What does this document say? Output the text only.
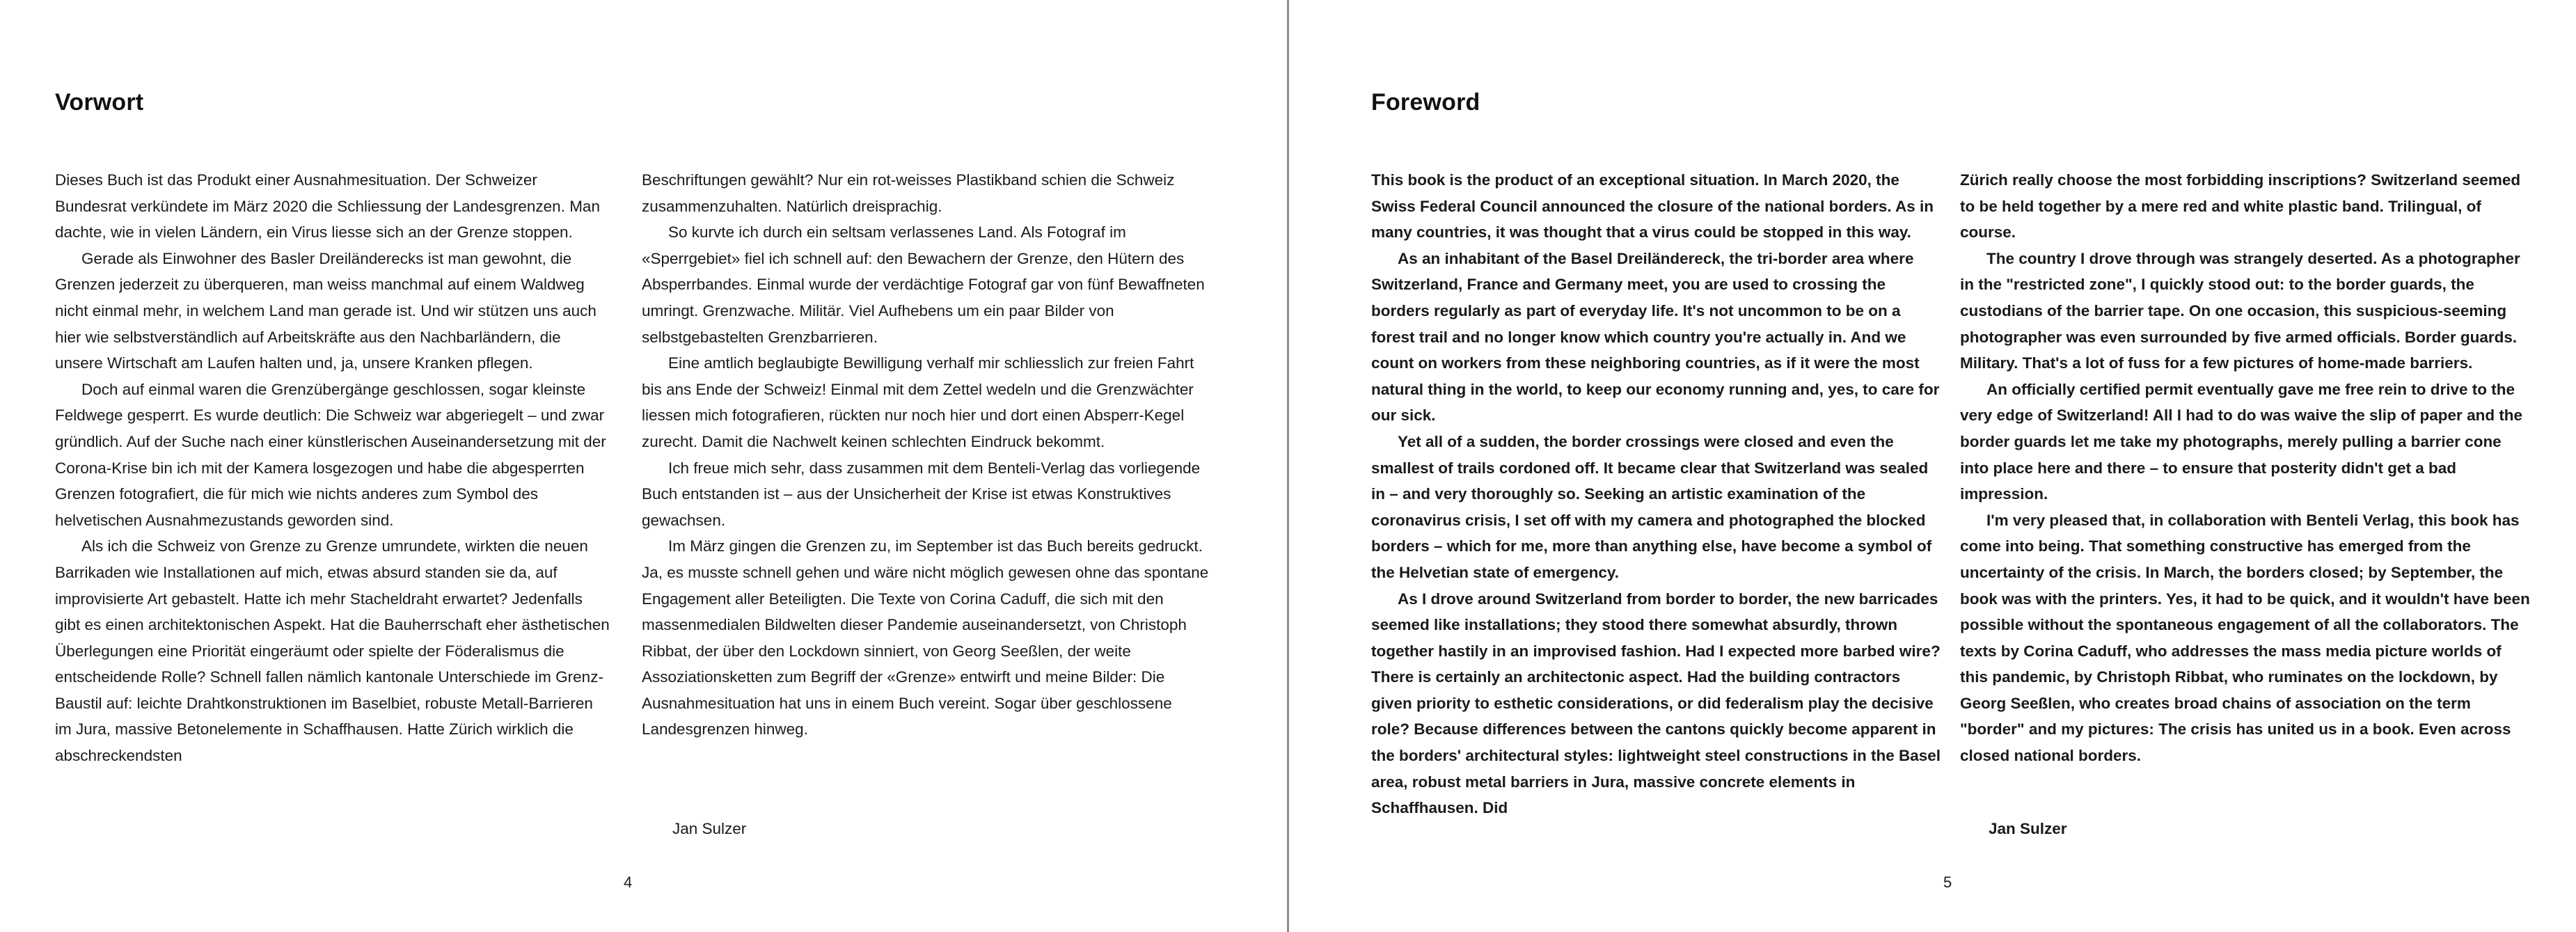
Vorwort

Dieses Buch ist das Produkt einer Ausnahmesituation. Der Schweizer Bundesrat verkündete im März 2020 die Schliessung der Landesgrenzen. Man dachte, wie in vielen Ländern, ein Virus liesse sich an der Grenze stoppen.

Gerade als Einwohner des Basler Dreiländerecks ist man gewohnt, die Grenzen jederzeit zu überqueren, man weiss manchmal auf einem Waldweg nicht einmal mehr, in welchem Land man gerade ist. Und wir stützen uns auch hier wie selbstverständlich auf Arbeitskräfte aus den Nachbarländern, die unsere Wirtschaft am Laufen halten und, ja, unsere Kranken pflegen.

Doch auf einmal waren die Grenzübergänge geschlossen, sogar kleinste Feldwege gesperrt. Es wurde deutlich: Die Schweiz war abgeriegelt – und zwar gründlich. Auf der Suche nach einer künstlerischen Auseinandersetzung mit der Corona-Krise bin ich mit der Kamera losgezogen und habe die abgesperrten Grenzen fotografiert, die für mich wie nichts anderes zum Symbol des helvetischen Ausnahmezustands geworden sind.

Als ich die Schweiz von Grenze zu Grenze umrundete, wirkten die neuen Barrikaden wie Installationen auf mich, etwas absurd standen sie da, auf improvisierte Art gebastelt. Hatte ich mehr Stacheldraht erwartet? Jedenfalls gibt es einen architektonischen Aspekt. Hat die Bauherrschaft eher ästhetischen Überlegungen eine Priorität eingeräumt oder spielte der Föderalismus die entscheidende Rolle? Schnell fallen nämlich kantonale Unterschiede im Grenz-Baustil auf: leichte Drahtkonstruktionen im Baselbiet, robuste Metall-Barrieren im Jura, massive Betonelemente in Schaffhausen. Hatte Zürich wirklich die abschreckendsten

Beschriftungen gewählt? Nur ein rot-weisses Plastikband schien die Schweiz zusammenzuhalten. Natürlich dreisprachig.

So kurvte ich durch ein seltsam verlassenes Land. Als Fotograf im «Sperrgebiet» fiel ich schnell auf: den Bewachern der Grenze, den Hütern des Absperrbandes. Einmal wurde der verdächtige Fotograf gar von fünf Bewaffneten umringt. Grenzwache. Militär. Viel Aufhebens um ein paar Bilder von selbstgebastelten Grenzbarrieren.

Eine amtlich beglaubigte Bewilligung verhalf mir schliesslich zur freien Fahrt bis ans Ende der Schweiz! Einmal mit dem Zettel wedeln und die Grenzwächter liessen mich fotografieren, rückten nur noch hier und dort einen Absperr-Kegel zurecht. Damit die Nachwelt keinen schlechten Eindruck bekommt.

Ich freue mich sehr, dass zusammen mit dem Benteli-Verlag das vorliegende Buch entstanden ist – aus der Unsicherheit der Krise ist etwas Konstruktives gewachsen.

Im März gingen die Grenzen zu, im September ist das Buch bereits gedruckt. Ja, es musste schnell gehen und wäre nicht möglich gewesen ohne das spontane Engagement aller Beteiligten. Die Texte von Corina Caduff, die sich mit den massenmedialen Bildwelten dieser Pandemie auseinandersetzt, von Christoph Ribbat, der über den Lockdown sinniert, von Georg Seeßlen, der weite Assoziationsketten zum Begriff der «Grenze» entwirft und meine Bilder: Die Ausnahmesituation hat uns in einem Buch vereint. Sogar über geschlossene Landesgrenzen hinweg.

Jan Sulzer
4
Foreword

This book is the product of an exceptional situation. In March 2020, the Swiss Federal Council announced the closure of the national borders. As in many countries, it was thought that a virus could be stopped in this way.

As an inhabitant of the Basel Dreiländereck, the tri-border area where Switzerland, France and Germany meet, you are used to crossing the borders regularly as part of everyday life. It's not uncommon to be on a forest trail and no longer know which country you're actually in. And we count on workers from these neighboring countries, as if it were the most natural thing in the world, to keep our economy running and, yes, to care for our sick.

Yet all of a sudden, the border crossings were closed and even the smallest of trails cordoned off. It became clear that Switzerland was sealed in – and very thoroughly so. Seeking an artistic examination of the coronavirus crisis, I set off with my camera and photographed the blocked borders – which for me, more than anything else, have become a symbol of the Helvetian state of emergency.

As I drove around Switzerland from border to border, the new barricades seemed like installations; they stood there somewhat absurdly, thrown together hastily in an improvised fashion. Had I expected more barbed wire? There is certainly an architectonic aspect. Had the building contractors given priority to esthetic considerations, or did federalism play the decisive role? Because differences between the cantons quickly become apparent in the borders' architectural styles: lightweight steel constructions in the Basel area, robust metal barriers in Jura, massive concrete elements in Schaffhausen. Did

Zürich really choose the most forbidding inscriptions? Switzerland seemed to be held together by a mere red and white plastic band. Trilingual, of course.

The country I drove through was strangely deserted. As a photographer in the "restricted zone", I quickly stood out: to the border guards, the custodians of the barrier tape. On one occasion, this suspicious-seeming photographer was even surrounded by five armed officials. Border guards. Military. That's a lot of fuss for a few pictures of home-made barriers.

An officially certified permit eventually gave me free rein to drive to the very edge of Switzerland! All I had to do was waive the slip of paper and the border guards let me take my photographs, merely pulling a barrier cone into place here and there – to ensure that posterity didn't get a bad impression.

I'm very pleased that, in collaboration with Benteli Verlag, this book has come into being. That something constructive has emerged from the uncertainty of the crisis. In March, the borders closed; by September, the book was with the printers. Yes, it had to be quick, and it wouldn't have been possible without the spontaneous engagement of all the collaborators. The texts by Corina Caduff, who addresses the mass media picture worlds of this pandemic, by Christoph Ribbat, who ruminates on the lockdown, by Georg Seeßlen, who creates broad chains of association on the term "border" and my pictures: The crisis has united us in a book. Even across closed national borders.

Jan Sulzer
5
